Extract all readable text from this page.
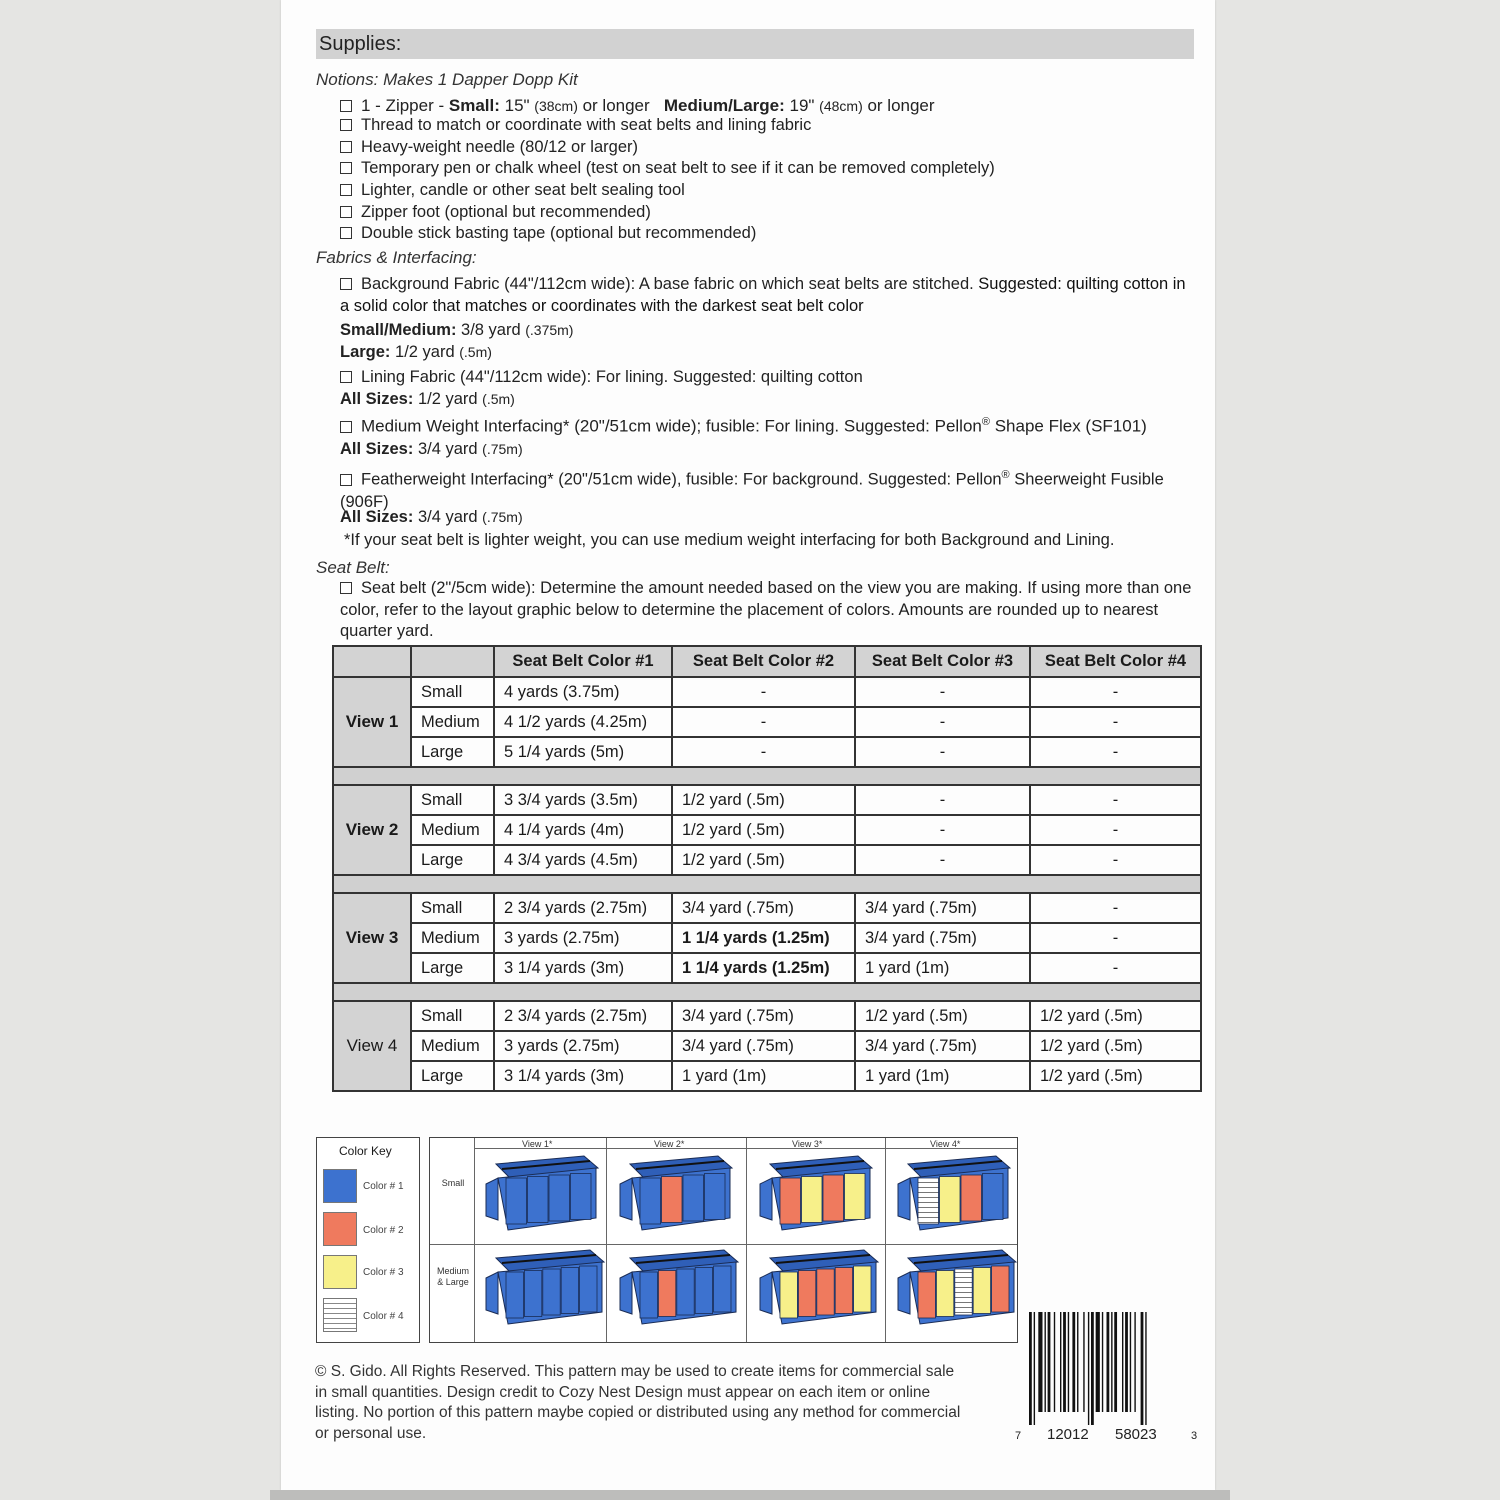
Supplies:
Notions: Makes 1 Dapper Dopp Kit
1 - Zipper - Small: 15" (38cm) or longer Medium/Large: 19" (48cm) or longer
Thread to match or coordinate with seat belts and lining fabric
Heavy-weight needle (80/12 or larger)
Temporary pen or chalk wheel (test on seat belt to see if it can be removed completely)
Lighter, candle or other seat belt sealing tool
Zipper foot (optional but recommended)
Double stick basting tape (optional but recommended)
Fabrics & Interfacing:
Background Fabric (44"/112cm wide): A base fabric on which seat belts are stitched. Suggested: quilting cotton in a solid color that matches or coordinates with the darkest seat belt color
Small/Medium: 3/8 yard (.375m)
Large: 1/2 yard (.5m)
Lining Fabric (44"/112cm wide): For lining. Suggested: quilting cotton
All Sizes: 1/2 yard (.5m)
Medium Weight Interfacing* (20"/51cm wide); fusible: For lining. Suggested: Pellon® Shape Flex (SF101)
All Sizes: 3/4 yard (.75m)
Featherweight Interfacing* (20"/51cm wide), fusible: For background. Suggested: Pellon® Sheerweight Fusible (906F)
All Sizes: 3/4 yard (.75m)
*If your seat belt is lighter weight, you can use medium weight interfacing for both Background and Lining.
Seat Belt:
Seat belt (2"/5cm wide): Determine the amount needed based on the view you are making. If using more than one color, refer to the layout graphic below to determine the placement of colors. Amounts are rounded up to nearest quarter yard.
		Seat Belt Color #1	Seat Belt Color #2	Seat Belt Color #3	Seat Belt Color #4
View 1	Small	4 yards (3.75m)	-	-	-
	Medium	4 1/2 yards (4.25m)	-	-	-
	Large	5 1/4 yards (5m)	-	-	-

View 2	Small	3 3/4 yards (3.5m)	1/2 yard (.5m)	-	-
	Medium	4 1/4 yards (4m)	1/2 yard (.5m)	-	-
	Large	4 3/4 yards (4.5m)	1/2 yard (.5m)	-	-

View 3	Small	2 3/4 yards (2.75m)	3/4 yard (.75m)	3/4 yard (.75m)	-
	Medium	3 yards (2.75m)	1 1/4 yards (1.25m)	3/4 yard (.75m)	-
	Large	3 1/4 yards (3m)	1 1/4 yards (1.25m)	1 yard (1m)	-

View 4	Small	2 3/4 yards (2.75m)	3/4 yard (.75m)	1/2 yard (.5m)	1/2 yard (.5m)
	Medium	3 yards (2.75m)	3/4 yard (.75m)	3/4 yard (.75m)	1/2 yard (.5m)
	Large	3 1/4 yards (3m)	1 yard (1m)	1 yard (1m)	1/2 yard (.5m)
Color Key
Color # 1
Color # 2
Color # 3
Color # 4
View 1*	View 2*	View 3*	View 4*
Small
Medium & Large
© S. Gido. All Rights Reserved. This pattern may be used to create items for commercial sale in small quantities. Design credit to Cozy Nest Design must appear on each item or online listing. No portion of this pattern maybe copied or distributed using any method for commercial or personal use.	7 12012 58023	3
